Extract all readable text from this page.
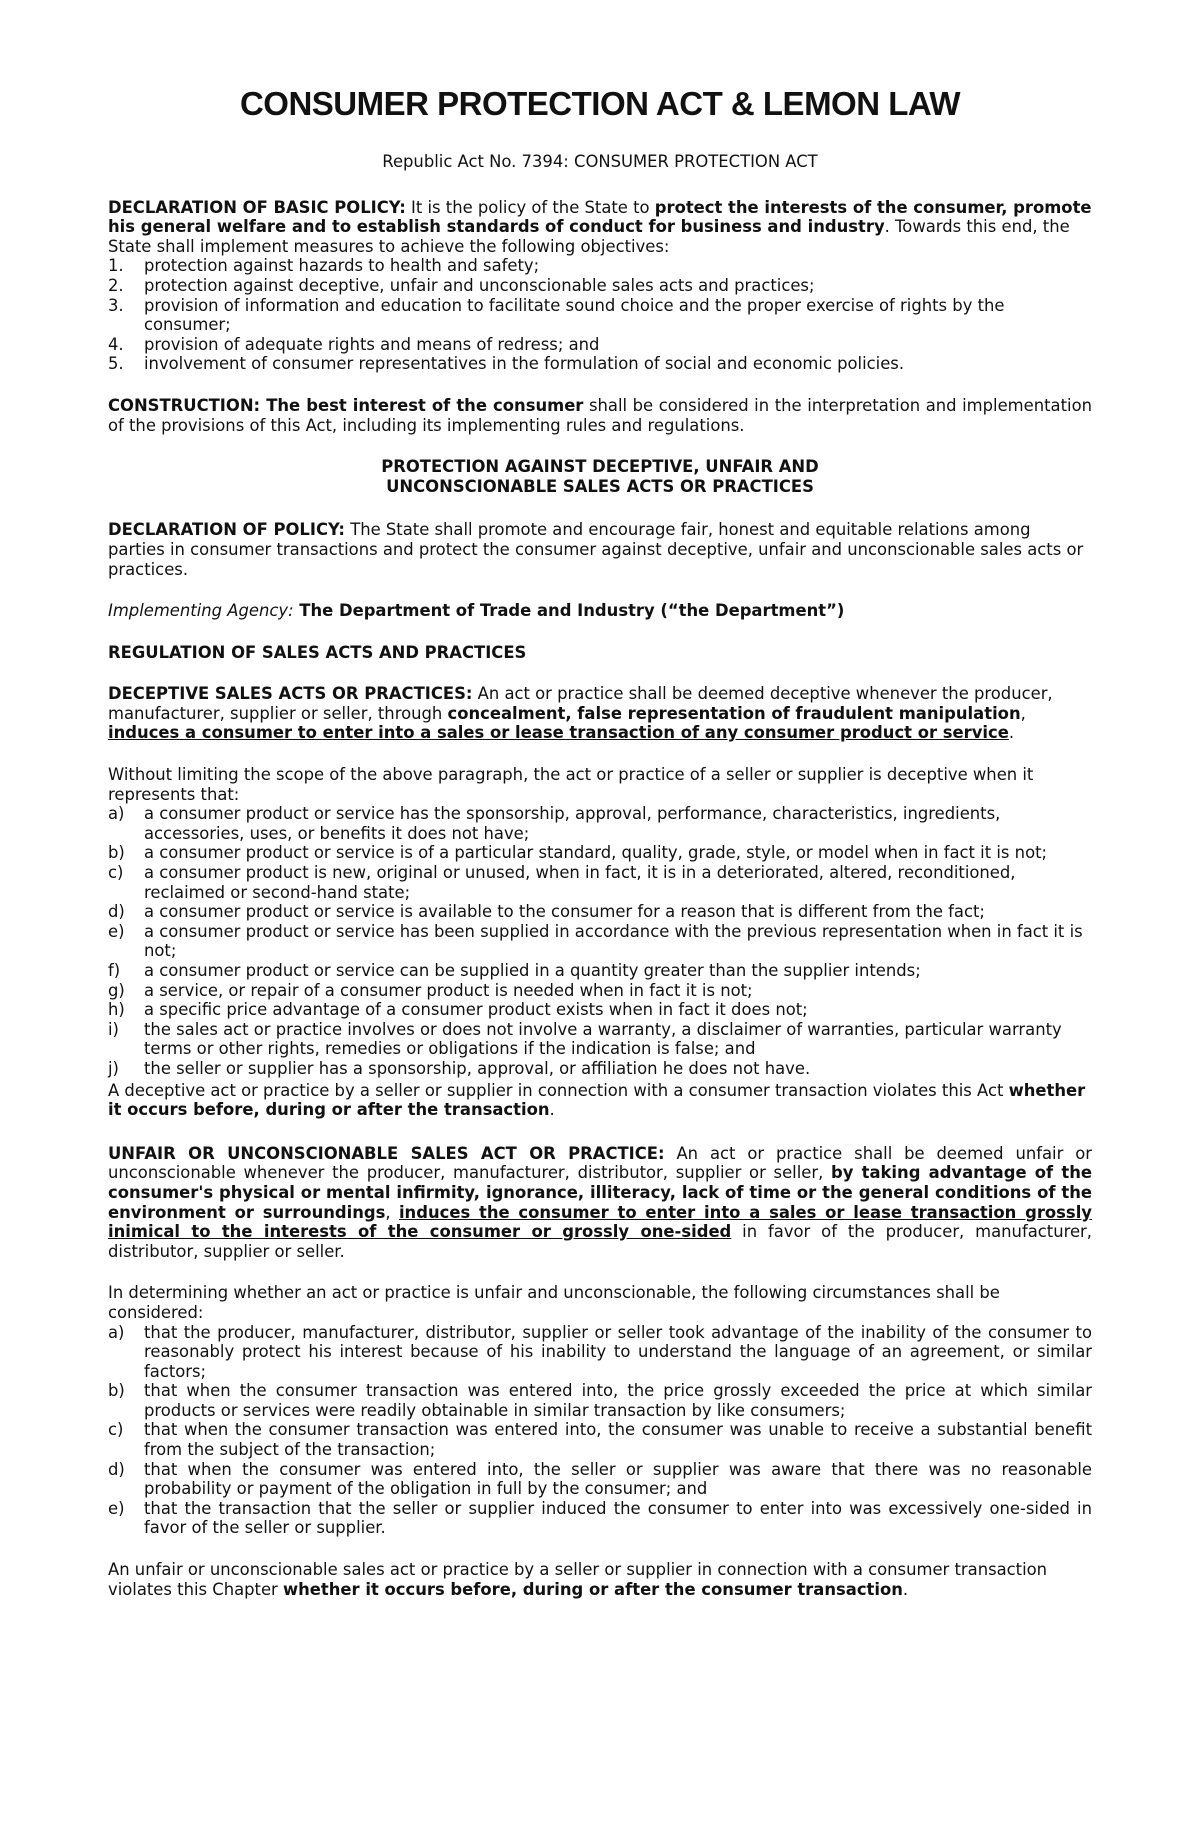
CONSUMER PROTECTION ACT & LEMON LAW

Republic Act No. 7394: CONSUMER PROTECTION ACT

DECLARATION OF BASIC POLICY: It is the policy of the State to protect the interests of the consumer, promote his general welfare and to establish standards of conduct for business and industry. Towards this end, the State shall implement measures to achieve the following objectives:

1.	protection against hazards to health and safety;
2.	protection against deceptive, unfair and unconscionable sales acts and practices;
3.	provision of information and education to facilitate sound choice and the proper exercise of rights by the consumer;
4.	provision of adequate rights and means of redress; and
5.	involvement of consumer representatives in the formulation of social and economic policies.

CONSTRUCTION: The best interest of the consumer shall be considered in the interpretation and implementation of the provisions of this Act, including its implementing rules and regulations.

PROTECTION AGAINST DECEPTIVE, UNFAIR AND
UNCONSCIONABLE SALES ACTS OR PRACTICES

DECLARATION OF POLICY: The State shall promote and encourage fair, honest and equitable relations among parties in consumer transactions and protect the consumer against deceptive, unfair and unconscionable sales acts or practices.

Implementing Agency: The Department of Trade and Industry (“the Department”)

REGULATION OF SALES ACTS AND PRACTICES

DECEPTIVE SALES ACTS OR PRACTICES: An act or practice shall be deemed deceptive whenever the producer, manufacturer, supplier or seller, through concealment, false representation of fraudulent manipulation, induces a consumer to enter into a sales or lease transaction of any consumer product or service.

Without limiting the scope of the above paragraph, the act or practice of a seller or supplier is deceptive when it represents that:

a)	a consumer product or service has the sponsorship, approval, performance, characteristics, ingredients, accessories, uses, or benefits it does not have;
b)	a consumer product or service is of a particular standard, quality, grade, style, or model when in fact it is not;
c)	a consumer product is new, original or unused, when in fact, it is in a deteriorated, altered, reconditioned, reclaimed or second-hand state;
d)	a consumer product or service is available to the consumer for a reason that is different from the fact;
e)	a consumer product or service has been supplied in accordance with the previous representation when in fact it is not;
f)	a consumer product or service can be supplied in a quantity greater than the supplier intends;
g)	a service, or repair of a consumer product is needed when in fact it is not;
h)	a specific price advantage of a consumer product exists when in fact it does not;
i)	the sales act or practice involves or does not involve a warranty, a disclaimer of warranties, particular warranty terms or other rights, remedies or obligations if the indication is false; and
j)	the seller or supplier has a sponsorship, approval, or affiliation he does not have.

A deceptive act or practice by a seller or supplier in connection with a consumer transaction violates this Act whether it occurs before, during or after the transaction.

UNFAIR OR UNCONSCIONABLE SALES ACT OR PRACTICE: An act or practice shall be deemed unfair or unconscionable whenever the producer, manufacturer, distributor, supplier or seller, by taking advantage of the consumer's physical or mental infirmity, ignorance, illiteracy, lack of time or the general conditions of the environment or surroundings, induces the consumer to enter into a sales or lease transaction grossly inimical to the interests of the consumer or grossly one-sided in favor of the producer, manufacturer, distributor, supplier or seller.

In determining whether an act or practice is unfair and unconscionable, the following circumstances shall be considered:

a)	that the producer, manufacturer, distributor, supplier or seller took advantage of the inability of the consumer to reasonably protect his interest because of his inability to understand the language of an agreement, or similar factors;
b)	that when the consumer transaction was entered into, the price grossly exceeded the price at which similar products or services were readily obtainable in similar transaction by like consumers;
c)	that when the consumer transaction was entered into, the consumer was unable to receive a substantial benefit from the subject of the transaction;
d)	that when the consumer was entered into, the seller or supplier was aware that there was no reasonable probability or payment of the obligation in full by the consumer; and
e)	that the transaction that the seller or supplier induced the consumer to enter into was excessively one-sided in favor of the seller or supplier.

An unfair or unconscionable sales act or practice by a seller or supplier in connection with a consumer transaction violates this Chapter whether it occurs before, during or after the consumer transaction.
